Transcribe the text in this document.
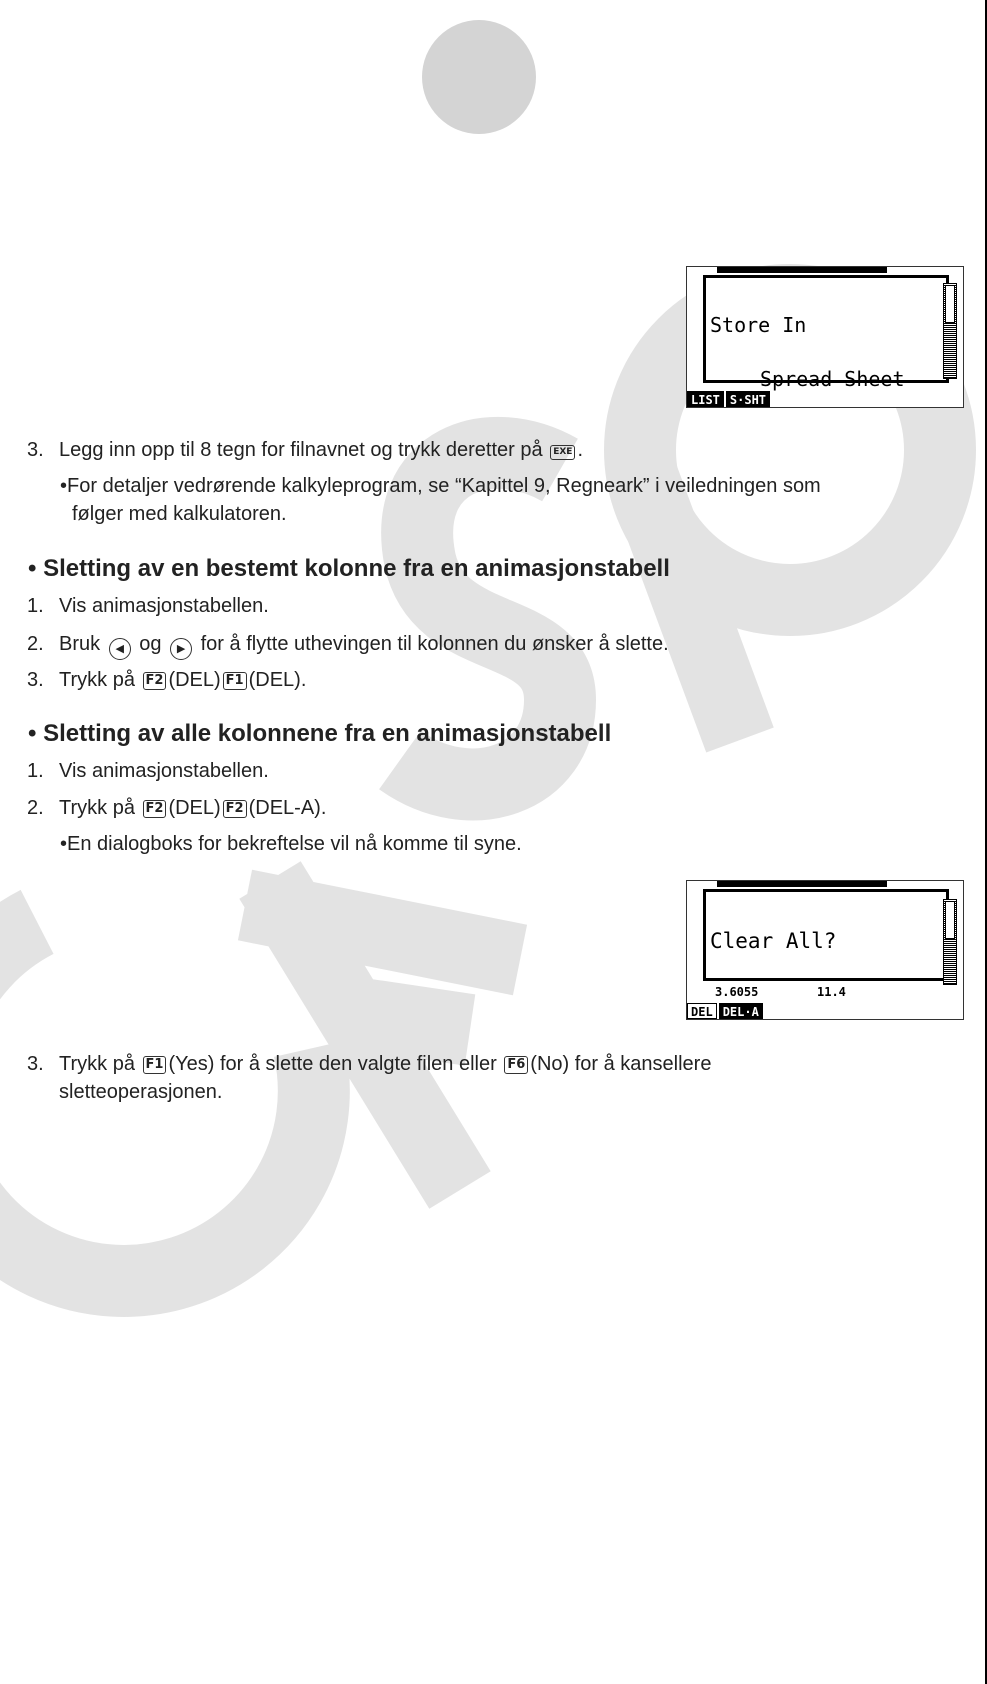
Store In

Spread Sheet

LIST S·SHT
3. Legg inn opp til 8 tegn for filnavnet og trykk deretter på EXE .
•For detaljer vedrørende kalkyleprogram, se “Kapittel 9, Regneark” i veiledningen som
følger med kalkulatoren.
• Sletting av en bestemt kolonne fra en animasjonstabell
1. Vis animasjonstabellen.
2. Bruk ◀ og ▶ for å flytte uthevingen til kolonnen du ønsker å slette.
3. Trykk på F2 (DEL) F1 (DEL).
• Sletting av alle kolonnene fra en animasjonstabell
1. Vis animasjonstabellen.
2. Trykk på F2 (DEL) F2 (DEL-A).
•En dialogboks for bekreftelse vil nå komme til syne.

Clear All?

3.6055	11.4
DEL DEL·A
3. Trykk på F1 (Yes) for å slette den valgte filen eller F6 (No) for å kansellere
sletteoperasjonen.
